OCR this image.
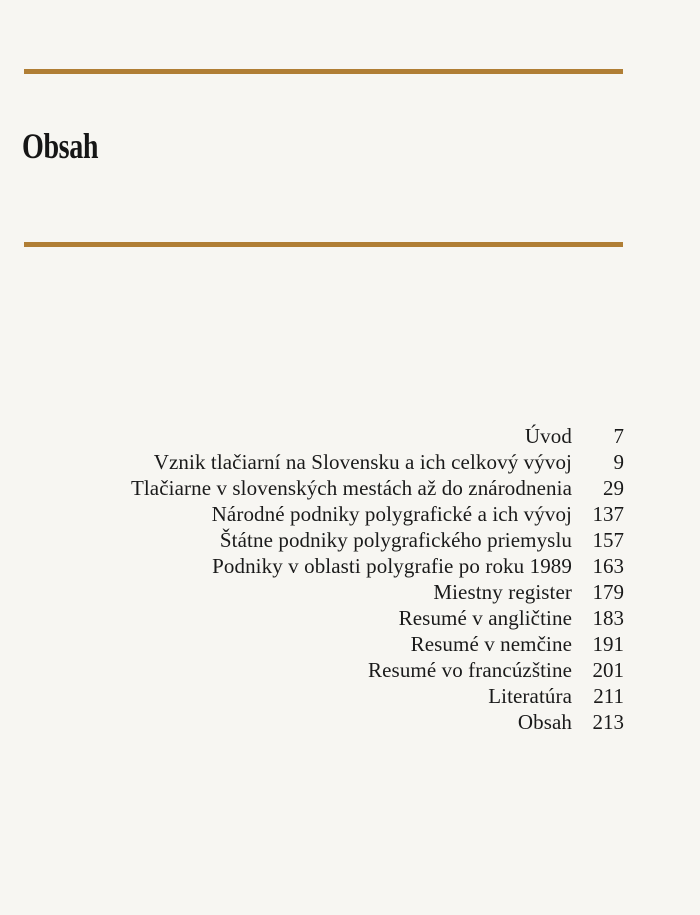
Obsah
Úvod	7
Vznik tlačiarní na Slovensku a ich celkový vývoj	9
Tlačiarne v slovenských mestách až do znárodnenia	29
Národné podniky polygrafické a ich vývoj 137
Štátne podniky polygrafického priemyslu 157
Podniky v oblasti polygrafie po roku 1989 163
Miestny register 179
Resumé v angličtine 183
Resumé v nemčine 191
Resumé vo francúzštine 201
Literatúra	211
Obsah 213
